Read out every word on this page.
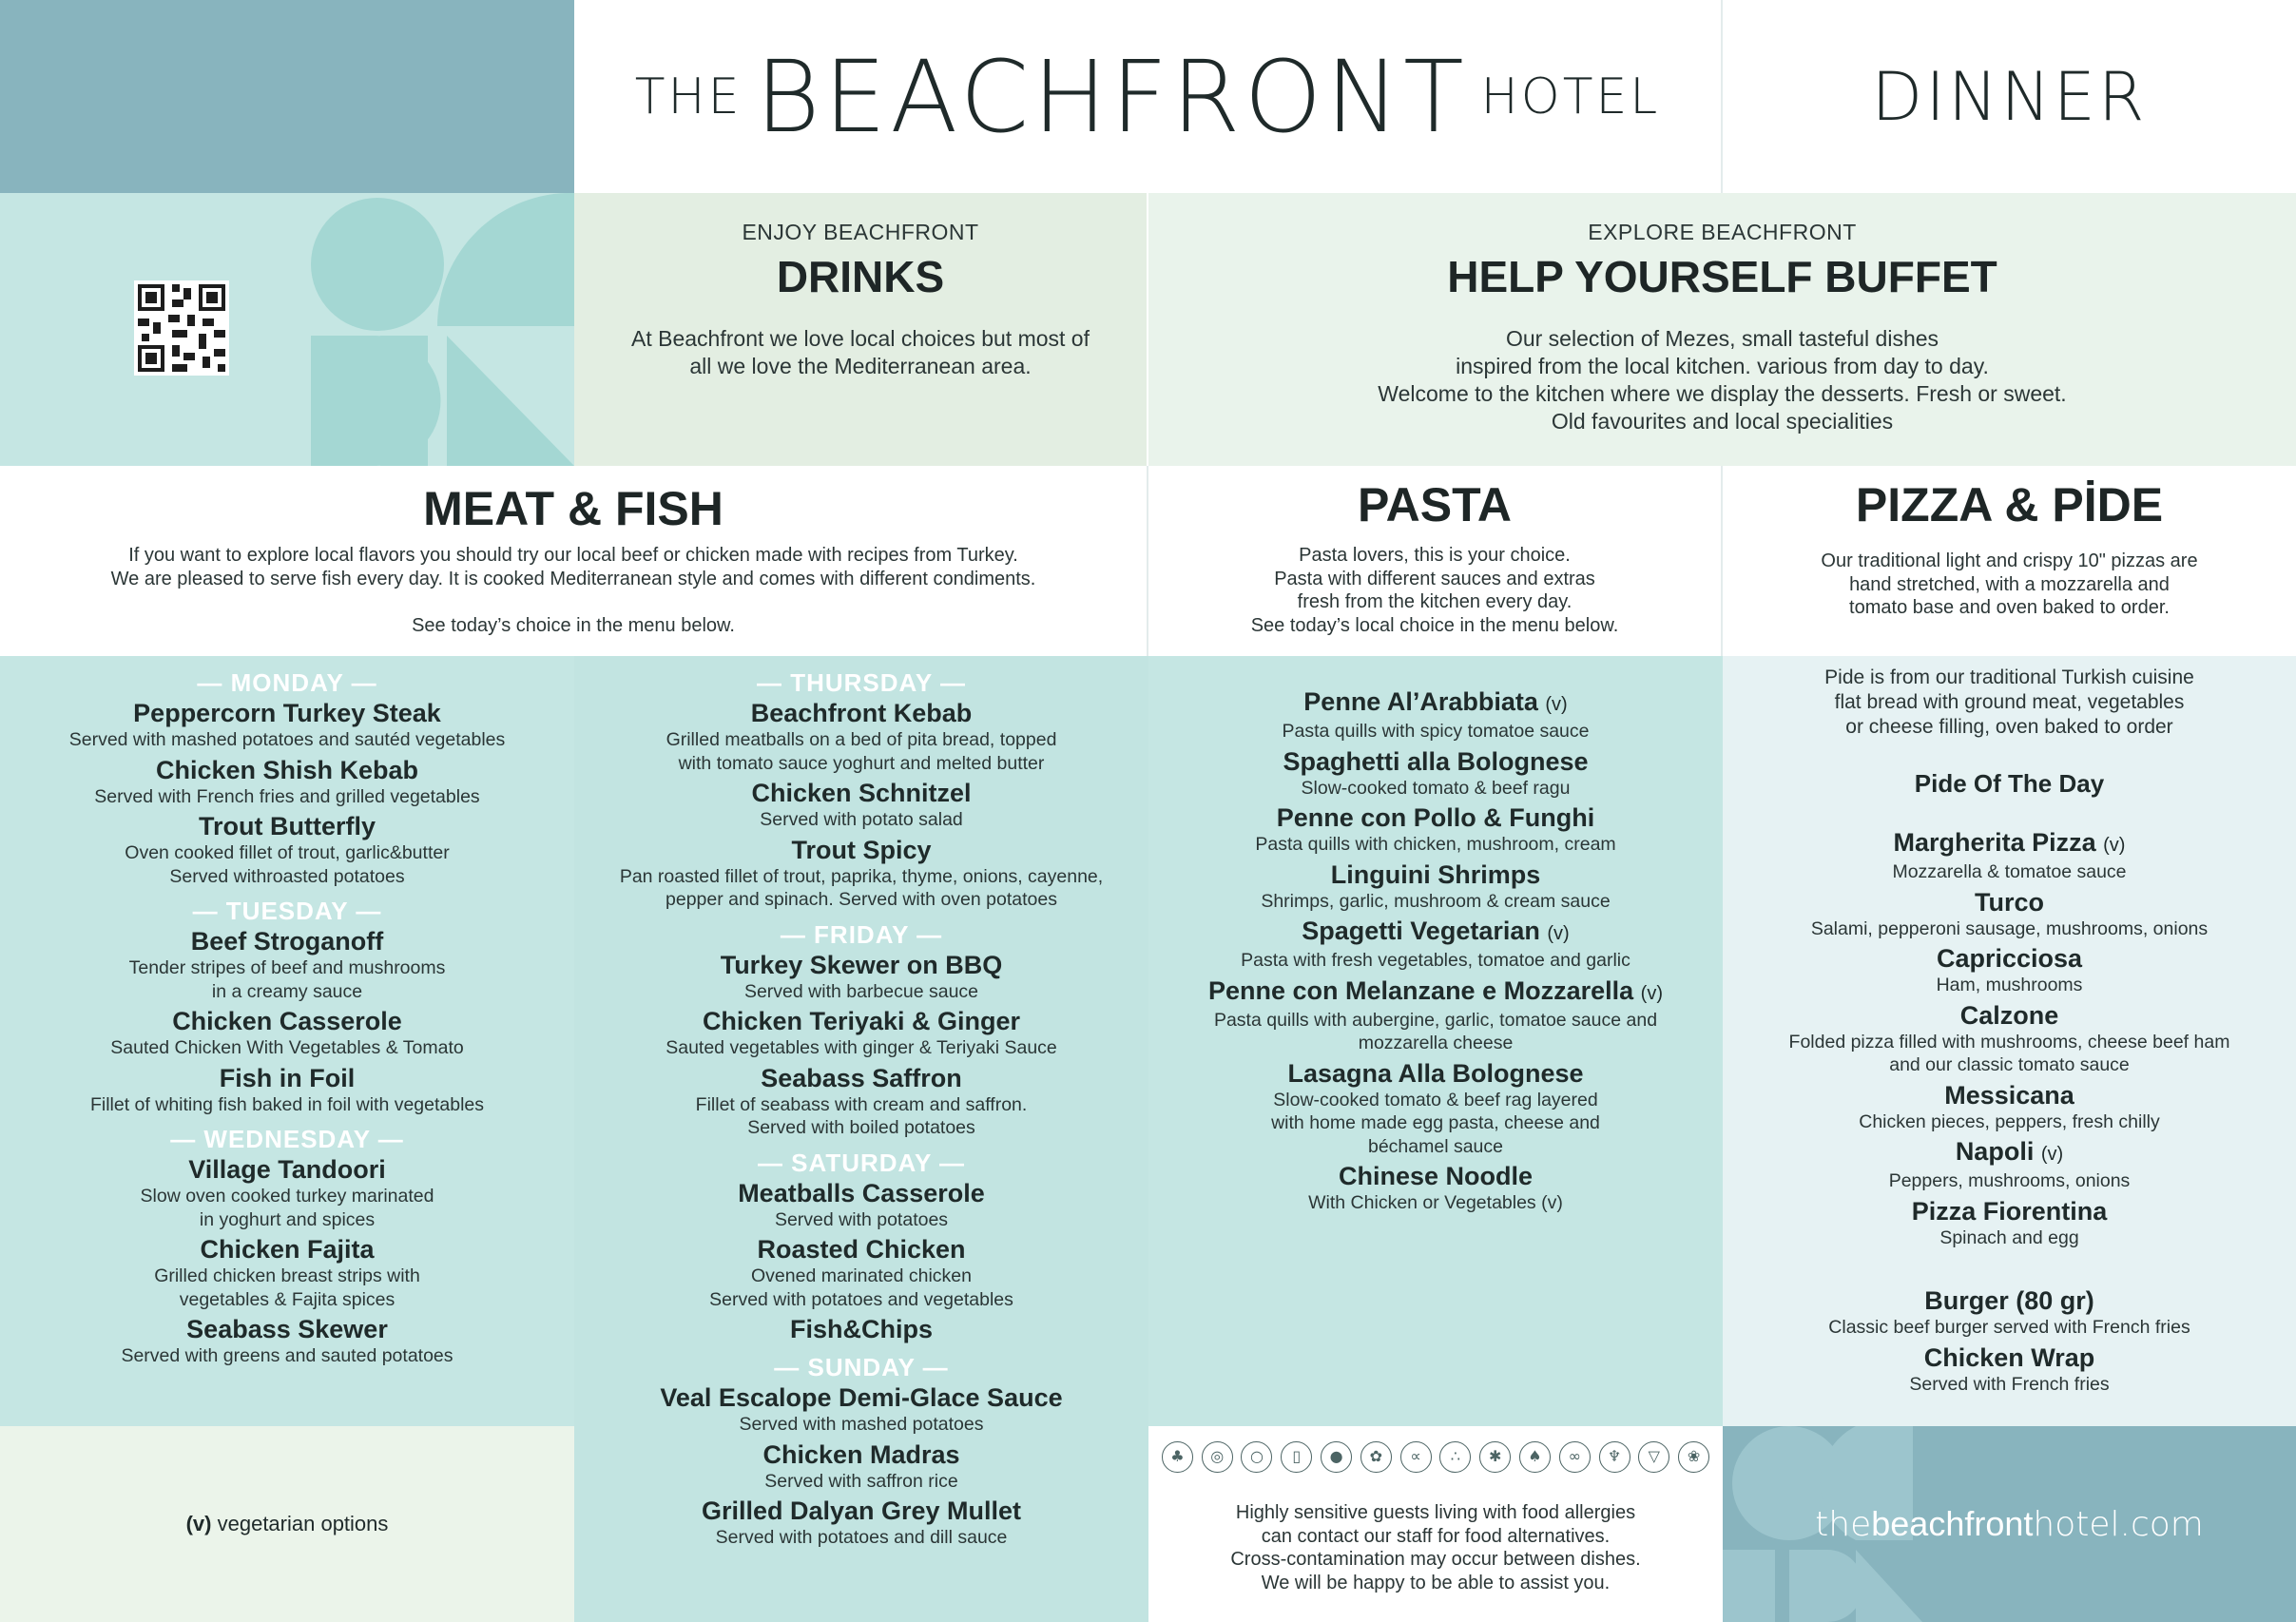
THE BEACHFRONT HOTEL	DINNER
ENJOY BEACHFRONT
DRINKS
At Beachfront we love local choices but most of
all we love the Mediterranean area.
EXPLORE BEACHFRONT
HELP YOURSELF BUFFET
Our selection of Mezes, small tasteful dishes
inspired from the local kitchen. various from day to day.
Welcome to the kitchen where we display the desserts. Fresh or sweet.
Old favourites and local specialities
MEAT & FISH
If you want to explore local flavors you should try our local beef or chicken made with recipes from Turkey.
We are pleased to serve fish every day. It is cooked Mediterranean style and comes with different condiments.
See today’s choice in the menu below.
PASTA
Pasta lovers, this is your choice.
Pasta with different sauces and extras
fresh from the kitchen every day.
See today’s local choice in the menu below.
PIZZA & PİDE
Our traditional light and crispy 10" pizzas are
hand stretched, with a mozzarella and
tomato base and oven baked to order.
— MONDAY —
Peppercorn Turkey Steak
Served with mashed potatoes and sautéd vegetables
Chicken Shish Kebab
Served with French fries and grilled vegetables
Trout Butterfly
Oven cooked fillet of trout, garlic&butter
Served withroasted potatoes
— TUESDAY —
Beef Stroganoff
Tender stripes of beef and mushrooms
in a creamy sauce
Chicken Casserole
Sauted Chicken With Vegetables & Tomato
Fish in Foil
Fillet of whiting fish baked in foil with vegetables
— WEDNESDAY —
Village Tandoori
Slow oven cooked turkey marinated
in yoghurt and spices
Chicken Fajita
Grilled chicken breast strips with
vegetables & Fajita spices
Seabass Skewer
Served with greens and sauted potatoes
— THURSDAY —
Beachfront Kebab
Grilled meatballs on a bed of pita bread, topped
with tomato sauce yoghurt and melted butter
Chicken Schnitzel
Served with potato salad
Trout Spicy
Pan roasted fillet of trout, paprika, thyme, onions, cayenne,
pepper and spinach. Served with oven potatoes
— FRIDAY —
Turkey Skewer on BBQ
Served with barbecue sauce
Chicken Teriyaki & Ginger
Sauted vegetables with ginger & Teriyaki Sauce
Seabass Saffron
Fillet of seabass with cream and saffron.
Served with boiled potatoes
— SATURDAY —
Meatballs Casserole
Served with potatoes
Roasted Chicken
Ovened marinated chicken
Served with potatoes and vegetables
Fish&Chips
— SUNDAY —
Veal Escalope Demi-Glace Sauce
Served with mashed potatoes
Chicken Madras
Served with saffron rice
Grilled Dalyan Grey Mullet
Served with potatoes and dill sauce
Penne Al’Arabbiata (v)
Pasta quills with spicy tomatoe sauce
Spaghetti alla Bolognese
Slow-cooked tomato & beef ragu
Penne con Pollo & Funghi
Pasta quills with chicken, mushroom, cream
Linguini Shrimps
Shrimps, garlic, mushroom & cream sauce
Spagetti Vegetarian (v)
Pasta with fresh vegetables, tomatoe and garlic
Penne con Melanzane e Mozzarella (v)
Pasta quills with aubergine, garlic, tomatoe sauce and
mozzarella cheese
Lasagna Alla Bolognese
Slow-cooked tomato & beef rag layered
with home made egg pasta, cheese and
béchamel sauce
Chinese Noodle
With Chicken or Vegetables (v)
Pide is from our traditional Turkish cuisine
flat bread with ground meat, vegetables
or cheese filling, oven baked to order
Pide Of The Day
Margherita Pizza (v)
Mozzarella & tomatoe sauce
Turco
Salami, pepperoni sausage, mushrooms, onions
Capricciosa
Ham, mushrooms
Calzone
Folded pizza filled with mushrooms, cheese beef ham
and our classic tomato sauce
Messicana
Chicken pieces, peppers, fresh chilly
Napoli (v)
Peppers, mushrooms, onions
Pizza Fiorentina
Spinach and egg
Burger (80 gr)
Classic beef burger served with French fries
Chicken Wrap
Served with French fries
(v)
vegetarian options
♣ ◎ ○ ▯ ● ✿ ∝ ∴ ✱ ♠ ∞ ♆ ▽ ❀
Highly sensitive guests living with food allergies
can contact our staff for food alternatives.
Cross-contamination may occur between dishes.
We will be happy to be able to assist you.
thebeachfronthotel.com
